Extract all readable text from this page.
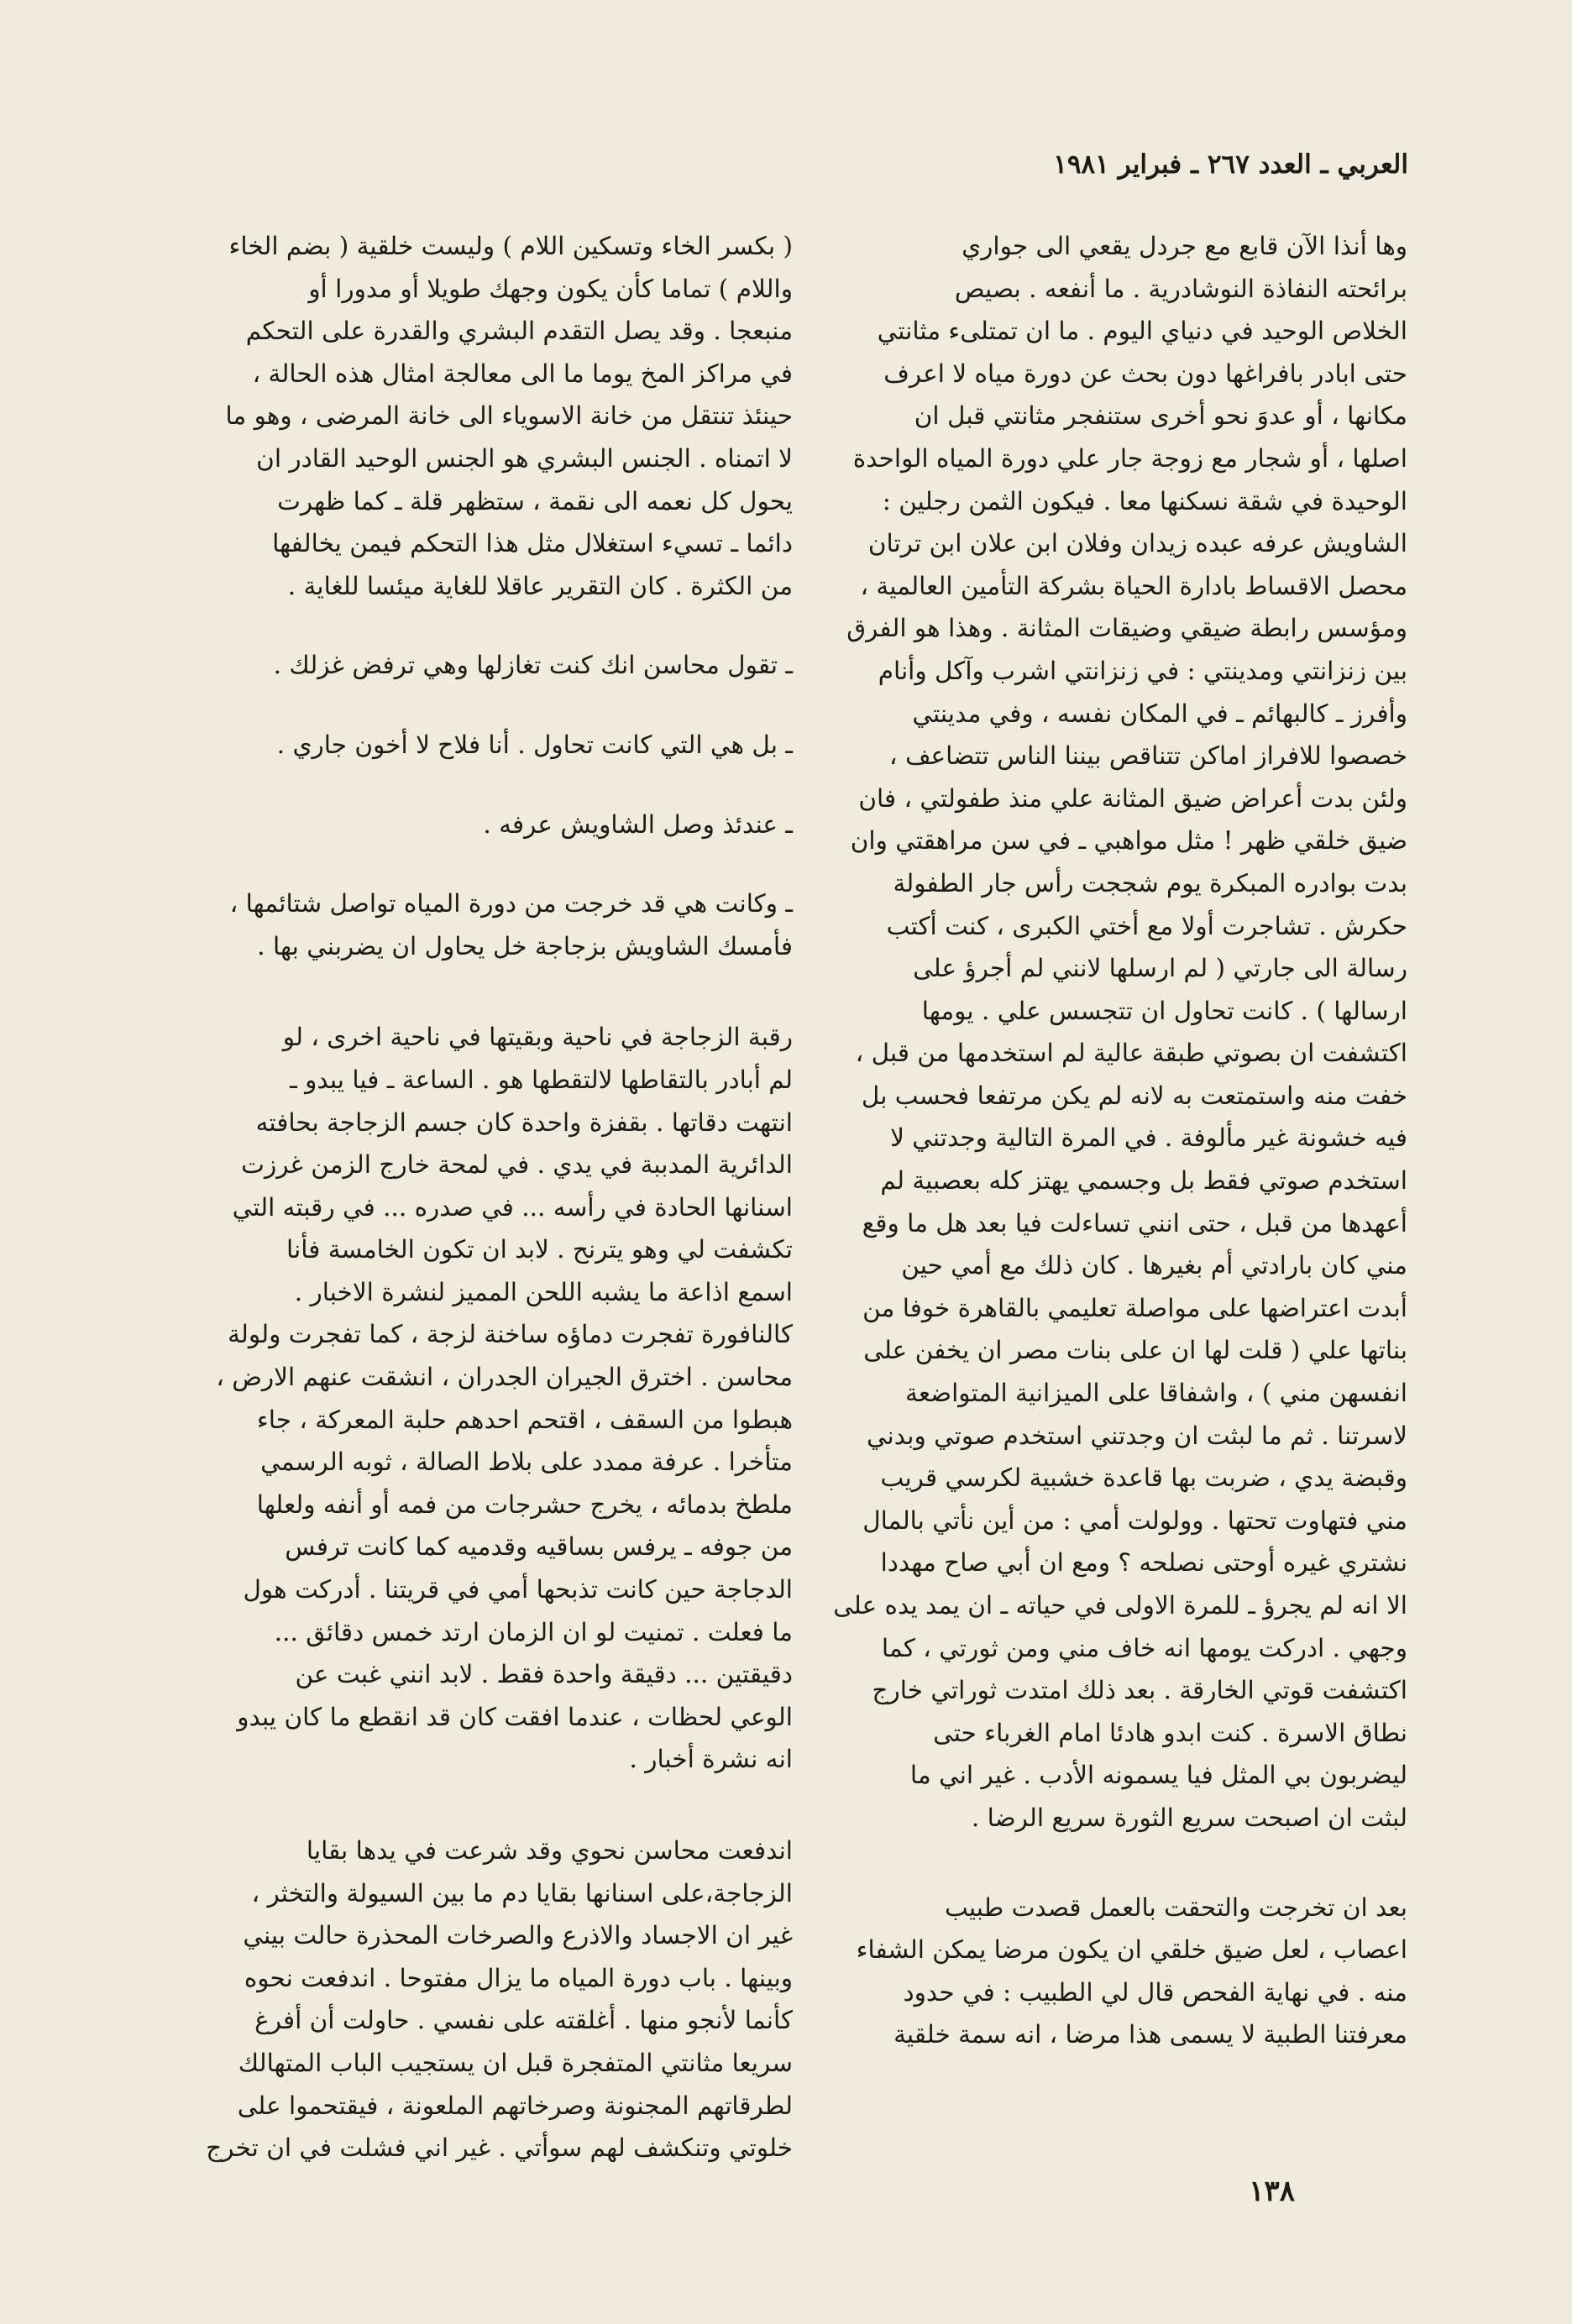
العربي ـ العدد ٢٦٧ ـ فبراير ١٩٨١

وها أنذا الآن قابع مع جردل يقعي الى جواري
برائحته النفاذة النوشادرية . ما أنفعه . بصيص
الخلاص الوحيد في دنياي اليوم . ما ان تمتلىء مثانتي
حتى ابادر بافراغها دون بحث عن دورة مياه لا اعرف
مكانها ، أو عدوَ نحو أخرى ستنفجر مثانتي قبل ان
اصلها ، أو شجار مع زوجة جار علي دورة المياه الواحدة
الوحيدة في شقة نسكنها معا . فيكون الثمن رجلين :
الشاويش عرفه عبده زيدان وفلان ابن علان ابن ترتان
محصل الاقساط بادارة الحياة بشركة التأمين العالمية ،
ومؤسس رابطة ضيقي وضيقات المثانة . وهذا هو الفرق
بين زنزانتي ومدينتي : في زنزانتي اشرب وآكل وأنام
وأفرز ـ كالبهائم ـ في المكان نفسه ، وفي مدينتي
خصصوا للافراز اماكن تتناقص بيننا الناس تتضاعف ،
ولئن بدت أعراض ضيق المثانة علي منذ طفولتي ، فان
ضيق خلقي ظهر ! مثل مواهبي ـ في سن مراهقتي وان
بدت بوادره المبكرة يوم شججت رأس جار الطفولة
حكرش . تشاجرت أولا مع أختي الكبرى ، كنت أكتب
رسالة الى جارتي ( لم ارسلها لانني لم أجرؤ على
ارسالها ) . كانت تحاول ان تتجسس علي . يومها
اكتشفت ان بصوتي طبقة عالية لم استخدمها من قبل ،
خفت منه واستمتعت به لانه لم يكن مرتفعا فحسب بل
فيه خشونة غير مألوفة . في المرة التالية وجدتني لا
استخدم صوتي فقط بل وجسمي يهتز كله بعصبية لم
أعهدها من قبل ، حتى انني تساءلت فيا بعد هل ما وقع
مني كان بارادتي أم بغيرها . كان ذلك مع أمي حين
أبدت اعتراضها على مواصلة تعليمي بالقاهرة خوفا من
بناتها علي ( قلت لها ان على بنات مصر ان يخفن على
انفسهن مني ) ، واشفاقا على الميزانية المتواضعة
لاسرتنا . ثم ما لبثت ان وجدتني استخدم صوتي وبدني
وقبضة يدي ، ضربت بها قاعدة خشبية لكرسي قريب
مني فتهاوت تحتها . وولولت أمي : من أين نأتي بالمال
نشتري غيره أوحتى نصلحه ؟ ومع ان أبي صاح مهددا
الا انه لم يجرؤ ـ للمرة الاولى في حياته ـ ان يمد يده على
وجهي . ادركت يومها انه خاف مني ومن ثورتي ، كما
اكتشفت قوتي الخارقة . بعد ذلك امتدت ثوراتي خارج
نطاق الاسرة . كنت ابدو هادئا امام الغرباء حتى
ليضربون بي المثل فيا يسمونه الأدب . غير اني ما
لبثت ان اصبحت سريع الثورة سريع الرضا .

بعد ان تخرجت والتحقت بالعمل قصدت طبيب
اعصاب ، لعل ضيق خلقي ان يكون مرضا يمكن الشفاء
منه . في نهاية الفحص قال لي الطبيب : في حدود
معرفتنا الطبية لا يسمى هذا مرضا ، انه سمة خلقية

( بكسر الخاء وتسكين اللام ) وليست خلقية ( بضم الخاء
واللام ) تماما كأن يكون وجهك طويلا أو مدورا أو
منبعجا . وقد يصل التقدم البشري والقدرة على التحكم
في مراكز المخ يوما ما الى معالجة امثال هذه الحالة ،
حينئذ تنتقل من خانة الاسوياء الى خانة المرضى ، وهو ما
لا اتمناه . الجنس البشري هو الجنس الوحيد القادر ان
يحول كل نعمه الى نقمة ، ستظهر قلة ـ كما ظهرت
دائما ـ تسيء استغلال مثل هذا التحكم فيمن يخالفها
من الكثرة . كان التقرير عاقلا للغاية ميئسا للغاية .

ـ تقول محاسن انك كنت تغازلها وهي ترفض غزلك .

ـ بل هي التي كانت تحاول . أنا فلاح لا أخون جاري .

ـ عندئذ وصل الشاويش عرفه .

ـ وكانت هي قد خرجت من دورة المياه تواصل شتائمها ،
فأمسك الشاويش بزجاجة خل يحاول ان يضربني بها .

رقبة الزجاجة في ناحية وبقيتها في ناحية اخرى ، لو
لم أبادر بالتقاطها لالتقطها هو . الساعة ـ فيا يبدو ـ
انتهت دقاتها . بقفزة واحدة كان جسم الزجاجة بحافته
الدائرية المدببة في يدي . في لمحة خارج الزمن غرزت
اسنانها الحادة في رأسه ... في صدره ... في رقبته التي
تكشفت لي وهو يترنح . لابد ان تكون الخامسة فأنا
اسمع اذاعة ما يشبه اللحن المميز لنشرة الاخبار .
كالنافورة تفجرت دماؤه ساخنة لزجة ، كما تفجرت ولولة
محاسن . اخترق الجيران الجدران ، انشقت عنهم الارض ،
هبطوا من السقف ، اقتحم احدهم حلبة المعركة ، جاء
متأخرا . عرفة ممدد على بلاط الصالة ، ثوبه الرسمي
ملطخ بدمائه ، يخرج حشرجات من فمه أو أنفه ولعلها
من جوفه ـ يرفس بساقيه وقدميه كما كانت ترفس
الدجاجة حين كانت تذبحها أمي في قريتنا . أدركت هول
ما فعلت . تمنيت لو ان الزمان ارتد خمس دقائق ...
دقيقتين ... دقيقة واحدة فقط . لابد انني غبت عن
الوعي لحظات ، عندما افقت كان قد انقطع ما كان يبدو
انه نشرة أخبار .

اندفعت محاسن نحوي وقد شرعت في يدها بقايا
الزجاجة،على اسنانها بقايا دم ما بين السيولة والتخثر ،
غير ان الاجساد والاذرع والصرخات المحذرة حالت بيني
وبينها . باب دورة المياه ما يزال مفتوحا . اندفعت نحوه
كأنما لأنجو منها . أغلقته على نفسي . حاولت أن أفرغ
سريعا مثانتي المتفجرة قبل ان يستجيب الباب المتهالك
لطرقاتهم المجنونة وصرخاتهم الملعونة ، فيقتحموا على
خلوتي وتنكشف لهم سوأتي . غير اني فشلت في ان تخرج

١٣٨
